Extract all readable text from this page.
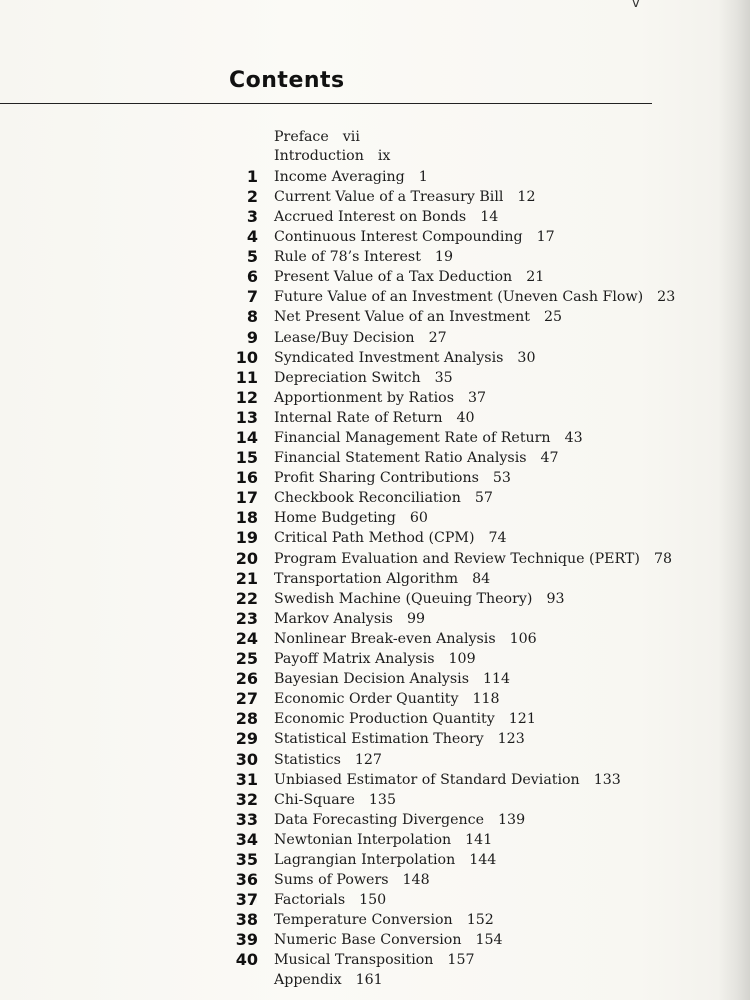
v
Contents
Preface vii
Introduction ix
1 Income Averaging 1
2 Current Value of a Treasury Bill 12
3 Accrued Interest on Bonds 14
4 Continuous Interest Compounding 17
5 Rule of 78’s Interest 19
6 Present Value of a Tax Deduction 21
7 Future Value of an Investment (Uneven Cash Flow) 23
8 Net Present Value of an Investment 25
9 Lease/Buy Decision 27
10 Syndicated Investment Analysis 30
11 Depreciation Switch 35
12 Apportionment by Ratios 37
13 Internal Rate of Return 40
14 Financial Management Rate of Return 43
15 Financial Statement Ratio Analysis 47
16 Profit Sharing Contributions 53
17 Checkbook Reconciliation 57
18 Home Budgeting 60
19 Critical Path Method (CPM) 74
20 Program Evaluation and Review Technique (PERT) 78
21 Transportation Algorithm 84
22 Swedish Machine (Queuing Theory) 93
23 Markov Analysis 99
24 Nonlinear Break-even Analysis 106
25 Payoff Matrix Analysis 109
26 Bayesian Decision Analysis 114
27 Economic Order Quantity 118
28 Economic Production Quantity 121
29 Statistical Estimation Theory 123
30 Statistics 127
31 Unbiased Estimator of Standard Deviation 133
32 Chi-Square 135
33 Data Forecasting Divergence 139
34 Newtonian Interpolation 141
35 Lagrangian Interpolation 144
36 Sums of Powers 148
37 Factorials 150
38 Temperature Conversion 152
39 Numeric Base Conversion 154
40 Musical Transposition 157
Appendix 161
